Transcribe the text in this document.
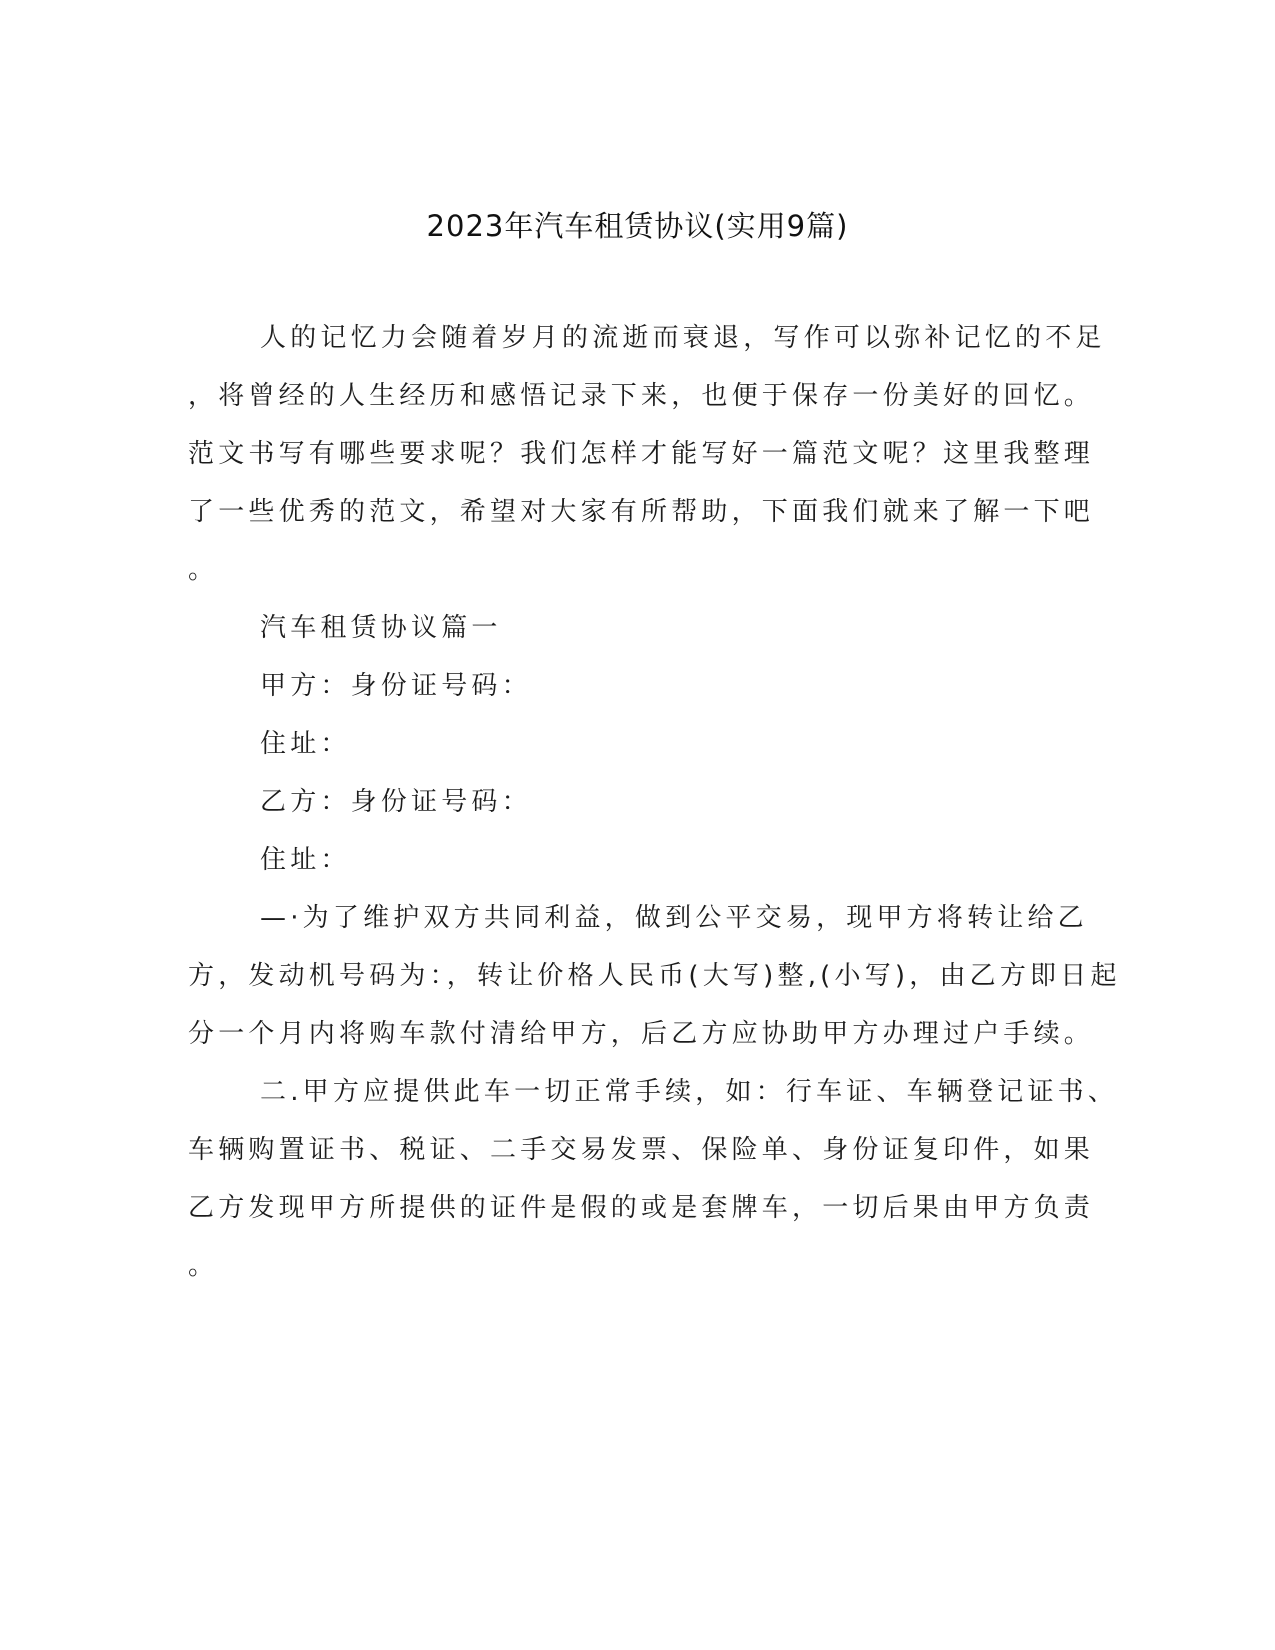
2023年汽车租赁协议(实用9篇)
人的记忆力会随着岁月的流逝而衰退，写作可以弥补记忆的不足
，将曾经的人生经历和感悟记录下来，也便于保存一份美好的回忆。
范文书写有哪些要求呢？我们怎样才能写好一篇范文呢？这里我整理
了一些优秀的范文，希望对大家有所帮助，下面我们就来了解一下吧
。
汽车租赁协议篇一
甲方：身份证号码：
住址：
乙方：身份证号码：
住址：
—·为了维护双方共同利益，做到公平交易，现甲方将转让给乙
方，发动机号码为：，转让价格人民币(大写)整,(小写)，由乙方即日起
分一个月内将购车款付清给甲方，后乙方应协助甲方办理过户手续。
二.甲方应提供此车一切正常手续，如：行车证、车辆登记证书、
车辆购置证书、税证、二手交易发票、保险单、身份证复印件，如果
乙方发现甲方所提供的证件是假的或是套牌车，一切后果由甲方负责
。
